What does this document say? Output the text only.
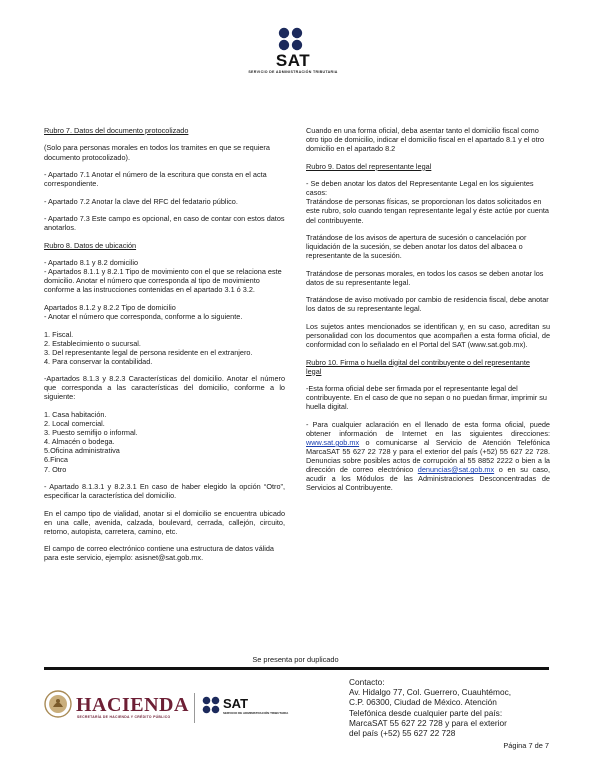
SAT
SERVICIO DE ADMINISTRACIÓN TRIBUTARIA

Rubro 7. Datos del documento protocolizado

(Solo para personas morales en todos los tramites en que se requiera documento protocolizado).

- Apartado 7.1 Anotar el número de la escritura que consta en el acta correspondiente.

- Apartado 7.2 Anotar la clave del RFC del fedatario público.

- Apartado 7.3 Este campo es opcional, en caso de contar con estos datos anotarlos.

Rubro 8. Datos de ubicación

- Apartado 8.1 y 8.2 domicilio

- Apartados 8.1.1 y 8.2.1 Tipo de movimiento con el que se relaciona este domicilio. Anotar el número que corresponda al tipo de movimiento conforme a las instrucciones contenidas en el apartado 3.1 ó 3.2.

Apartados 8.1.2 y 8.2.2 Tipo de domicilio

- Anotar el número que corresponda, conforme a lo siguiente.

1. Fiscal.
2. Establecimiento o sucursal.
3. Del representante legal de persona residente en el extranjero.
4. Para conservar la contabilidad.

-Apartados 8.1.3 y 8.2.3 Características del domicilio. Anotar el número que corresponda a las características del domicilio, conforme a lo siguiente:

1. Casa habitación.
2. Local comercial.
3. Puesto semifijo o informal.
4. Almacén o bodega.
5.Oficina administrativa
6.Finca
7. Otro

- Apartado 8.1.3.1 y 8.2.3.1 En caso de haber elegido la opción “Otro”, especificar la característica del domicilio.

En el campo tipo de vialidad, anotar si el domicilio se encuentra ubicado en una calle, avenida, calzada, boulevard, cerrada, callejón, circuito, retorno, autopista, carretera, camino, etc.

El campo de correo electrónico contiene una estructura de datos válida para este servicio, ejemplo: asisnet@sat.gob.mx.

Cuando en una forma oficial, deba asentar tanto el domicilio fiscal como otro tipo de domicilio, indicar el domicilio fiscal en el apartado 8.1 y el otro domicilio en el apartado 8.2

Rubro 9. Datos del representante legal

- Se deben anotar los datos del Representante Legal en los siguientes

casos:

Tratándose de personas físicas, se proporcionan los datos solicitados en este rubro, solo cuando tengan representante legal y éste actúe por cuenta del contribuyente.

Tratándose de los avisos de apertura de sucesión o cancelación por liquidación de la sucesión, se deben anotar los datos del albacea o representante de la sucesión.

Tratándose de personas morales, en todos los casos se deben anotar los datos de su representante legal.

Tratándose de aviso motivado por cambio de residencia fiscal, debe anotar los datos de su representante legal.

Los sujetos antes mencionados se identifican y, en su caso, acreditan su personalidad con los documentos que acompañen a esta forma oficial, de conformidad con lo señalado en el Portal del SAT (www.sat.gob.mx).

Rubro 10. Firma o huella digital del contribuyente o del representante

legal

-Esta forma oficial debe ser firmada por el representante legal del contribuyente. En el caso de que no sepan o no puedan firmar, imprimir su huella digital.

- Para cualquier aclaración en el llenado de esta forma oficial, puede obtener información de Internet en las siguientes direcciones: www.sat.gob.mx o comunicarse al Servicio de Atención Telefónica MarcaSAT 55 627 22 728 y para el exterior del país (+52) 55 627 22 728. Denuncias sobre posibles actos de corrupción al 55 8852 2222 o bien a la dirección de correo electrónico denuncias@sat.gob.mx o en su caso, acudir a los Módulos de las Administraciones Desconcentradas de Servicios al Contribuyente.

Se presenta por duplicado
HACIENDA
SECRETARÍA DE HACIENDA Y CRÉDITO PÚBLICO
SAT
SERVICIO DE ADMINISTRACIÓN TRIBUTARIA
Contacto:
Av. Hidalgo 77, Col. Guerrero, Cuauhtémoc,
C.P. 06300, Ciudad de México. Atención
Telefónica desde cualquier parte del país:
MarcaSAT 55 627 22 728 y para el exterior
del país (+52) 55 627 22 728
Página 7 de 7
